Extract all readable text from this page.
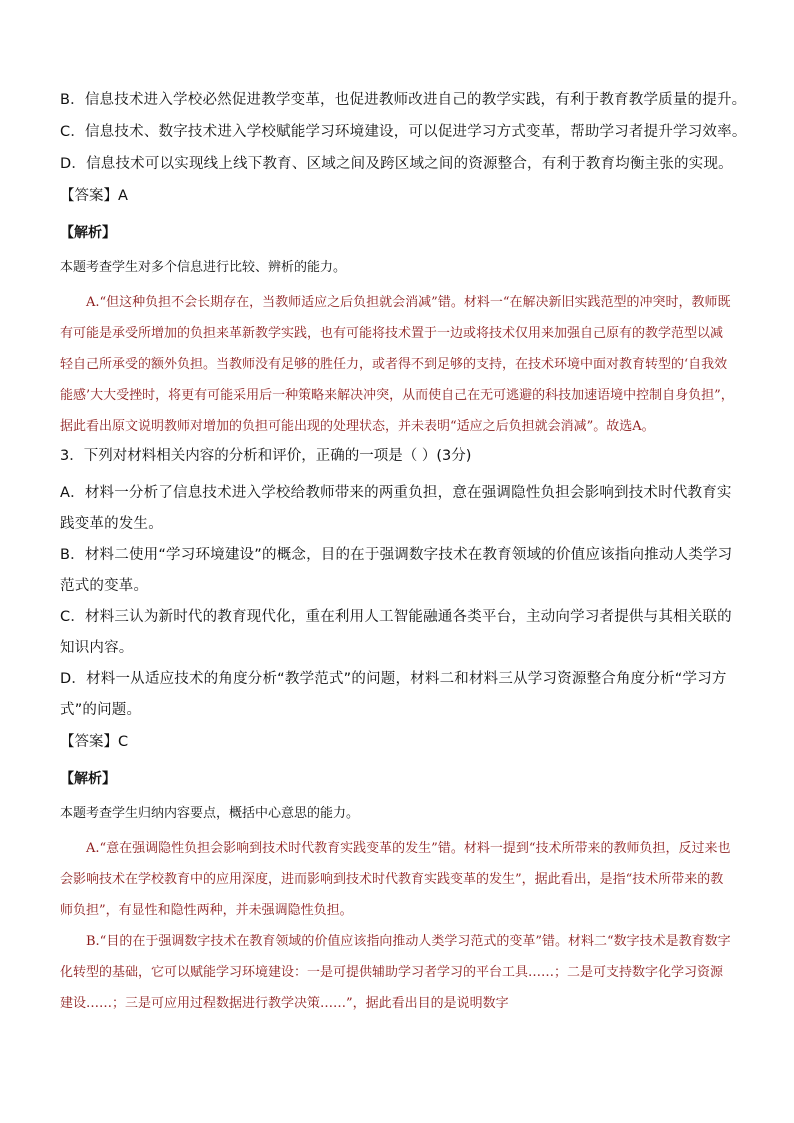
B．信息技术进入学校必然促进教学变革，也促进教师改进自己的教学实践，有利于教育教学质量的提升。

C．信息技术、数字技术进入学校赋能学习环境建设，可以促进学习方式变革，帮助学习者提升学习效率。

D．信息技术可以实现线上线下教育、区域之间及跨区域之间的资源整合，有利于教育均衡主张的实现。

【答案】A

【解析】

本题考查学生对多个信息进行比较、辨析的能力。

A.“但这种负担不会长期存在，当教师适应之后负担就会消减”错。材料一“在解决新旧实践范型的冲突时，教师既有可能是承受所增加的负担来革新教学实践，也有可能将技术置于一边或将技术仅用来加强自己原有的教学范型以减轻自己所承受的额外负担。当教师没有足够的胜任力，或者得不到足够的支持，在技术环境中面对教育转型的‘自我效能感’大大受挫时，将更有可能采用后一种策略来解决冲突，从而使自己在无可逃避的科技加速语境中控制自身负担”，据此看出原文说明教师对增加的负担可能出现的处理状态，并未表明“适应之后负担就会消减”。故选A。

3．下列对材料相关内容的分析和评价，正确的一项是（ ）(3分)

A．材料一分析了信息技术进入学校给教师带来的两重负担，意在强调隐性负担会影响到技术时代教育实践变革的发生。

B．材料二使用“学习环境建设”的概念，目的在于强调数字技术在教育领域的价值应该指向推动人类学习范式的变革。

C．材料三认为新时代的教育现代化，重在利用人工智能融通各类平台，主动向学习者提供与其相关联的知识内容。

D．材料一从适应技术的角度分析“教学范式”的问题，材料二和材料三从学习资源整合角度分析“学习方式”的问题。

【答案】C

【解析】

本题考查学生归纳内容要点，概括中心意思的能力。

A.“意在强调隐性负担会影响到技术时代教育实践变革的发生”错。材料一提到“技术所带来的教师负担，反过来也会影响技术在学校教育中的应用深度，进而影响到技术时代教育实践变革的发生”，据此看出，是指“技术所带来的教师负担”，有显性和隐性两种，并未强调隐性负担。

B.“目的在于强调数字技术在教育领域的价值应该指向推动人类学习范式的变革”错。材料二“数字技术是教育数字化转型的基础，它可以赋能学习环境建设：一是可提供辅助学习者学习的平台工具……；二是可支持数字化学习资源建设……；三是可应用过程数据进行教学决策……”，据此看出目的是说明数字
